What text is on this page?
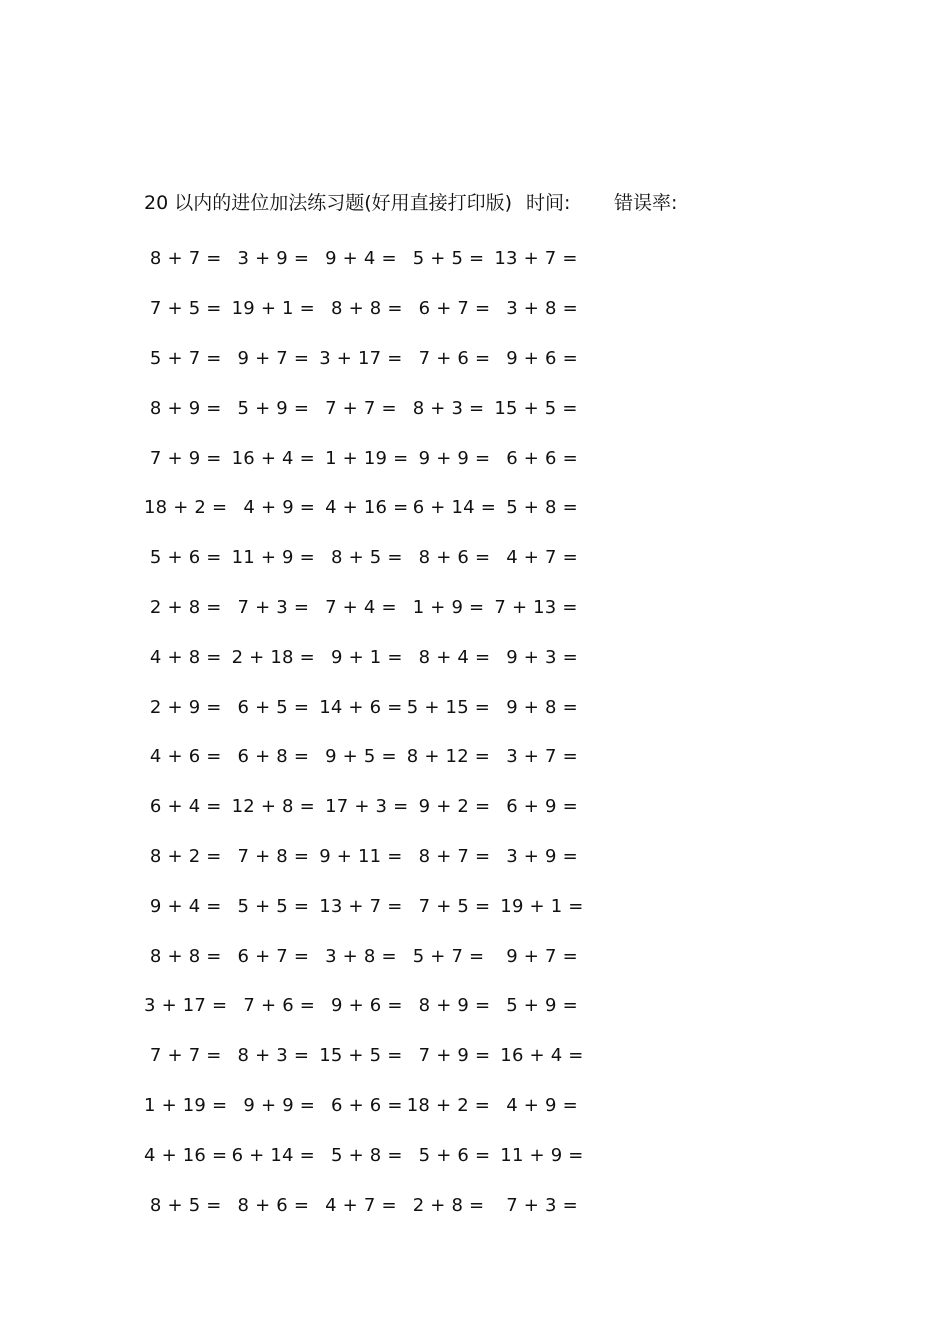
20 以内的进位加法练习题(好用直接打印版) 时间:	错误率:
8 + 7 = 3 + 9 = 9 + 4 = 5 + 5 = 13 + 7 =
7 + 5 = 19 + 1 = 8 + 8 = 6 + 7 = 3 + 8 =
5 + 7 = 9 + 7 = 3 + 17 = 7 + 6 = 9 + 6 =
8 + 9 = 5 + 9 = 7 + 7 = 8 + 3 = 15 + 5 =
7 + 9 = 16 + 4 = 1 + 19 =
9 + 9 = 6 + 6 =
18 + 2 = 4 + 9 = 4 + 16 =
6 + 14 =
5 + 8 =
5 + 6 = 11 + 9 = 8 + 5 = 8 + 6 = 4 + 7 =
2 + 8 = 7 + 3 = 7 + 4 = 1 + 9 = 7 + 13 =
4 + 8 = 2 + 18 = 9 + 1 = 8 + 4 = 9 + 3 =
2 + 9 = 6 + 5 = 14 + 6 = 5 + 15 = 9 + 8 =
4 + 6 = 6 + 8 = 9 + 5 = 8 + 12 = 3 + 7 =
6 + 4 = 12 + 8 = 17 + 3 =
9 + 2 = 6 + 9 =
8 + 2 = 7 + 8 = 9 + 11 = 8 + 7 = 3 + 9 =
9 + 4 = 5 + 5 = 13 + 7 = 7 + 5 = 19 + 1 =
8 + 8 = 6 + 7 = 3 + 8 = 5 + 7 = 9 + 7 =
3 + 17 = 7 + 6 = 9 + 6 = 8 + 9 = 5 + 9 =
7 + 7 = 8 + 3 = 15 + 5 = 7 + 9 = 16 + 4 =
1 + 19 = 9 + 9 = 6 + 6 = 18 + 2 = 4 + 9 =
4 + 16 = 6 + 14 = 5 + 8 = 5 + 6 = 11 + 9 =
8 + 5 = 8 + 6 = 4 + 7 = 2 + 8 = 7 + 3 =
